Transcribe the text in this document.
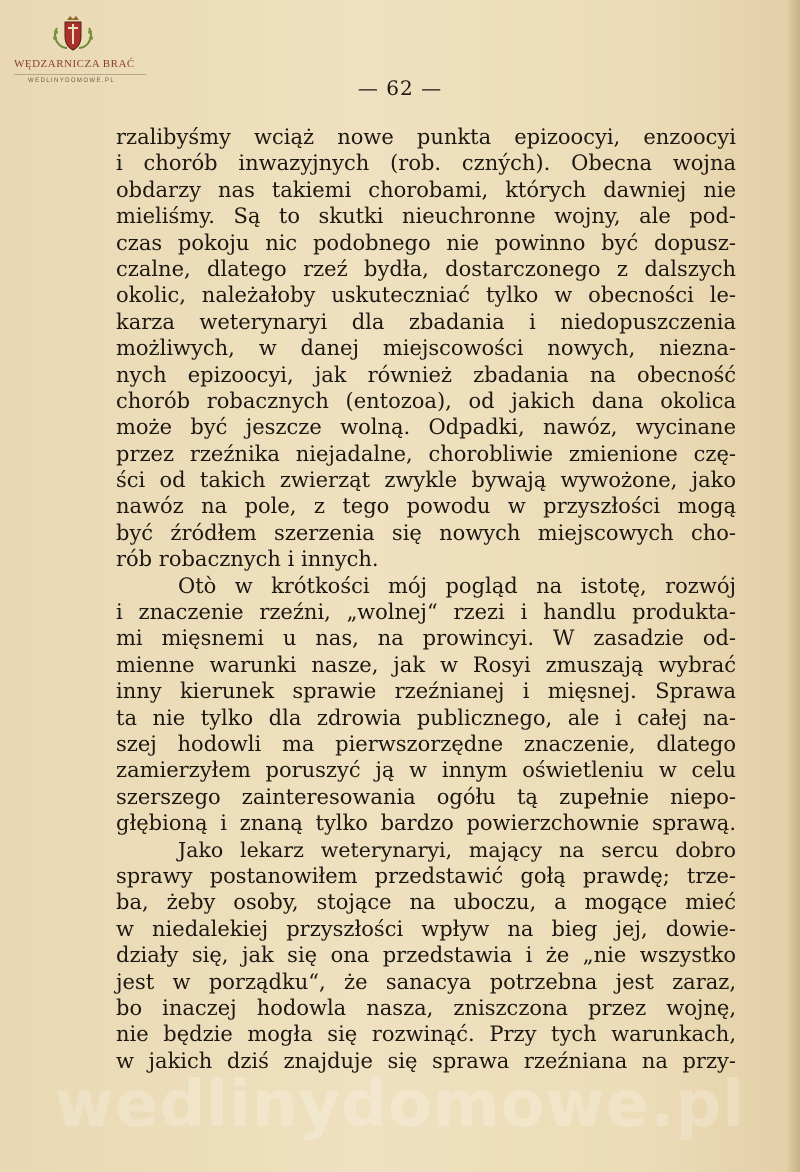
WĘDZARNICZA BRAĆ
WEDLINYDOMOWE.PL	— 62 —
rzalibyśmy wciąż nowe punkta epizoocyi, enzoocyi
i chorób inwazyjnych (rob. czných). Obecna wojna
obdarzy nas takiemi chorobami, których dawniej nie
mieliśmy. Są to skutki nieuchronne wojny, ale pod-
czas pokoju nic podobnego nie powinno być dopusz-
czalne, dlatego rzeź bydła, dostarczonego z dalszych
okolic, należałoby uskuteczniać tylko w obecności le-
karza weterynaryi dla zbadania i niedopuszczenia
możliwych, w danej miejscowości nowych, niezna-
nych epizoocyi, jak również zbadania na obecność
chorób robacznych (entozoa), od jakich dana okolica
może być jeszcze wolną. Odpadki, nawóz, wycinane
przez rzeźnika niejadalne, chorobliwie zmienione czę-
ści od takich zwierząt zwykle bywają wywożone, jako
nawóz na pole, z tego powodu w przyszłości mogą
być źródłem szerzenia się nowych miejscowych cho-
rób robacznych i innych.
Otò w krótkości mój pogląd na istotę, rozwój
i znaczenie rzeźni, „wolnej“ rzezi i handlu produkta-
mi mięsnemi u nas, na prowincyi. W zasadzie od-
mienne warunki nasze, jak w Rosyi zmuszają wybrać
inny kierunek sprawie rzeźnianej i mięsnej. Sprawa
ta nie tylko dla zdrowia publicznego, ale i całej na-
szej hodowli ma pierwszorzędne znaczenie, dlatego
zamierzyłem poruszyć ją w innym oświetleniu w celu
szerszego zainteresowania ogółu tą zupełnie niepo-
głębioną i znaną tylko bardzo powierzchownie sprawą.
Jako lekarz weterynaryi, mający na sercu dobro
sprawy postanowiłem przedstawić gołą prawdę; trze-
ba, żeby osoby, stojące na uboczu, a mogące mieć
w niedalekiej przyszłości wpływ na bieg jej, dowie-
działy się, jak się ona przedstawia i że „nie wszystko
jest w porządku“, że sanacya potrzebna jest zaraz,
bo inaczej hodowla nasza, zniszczona przez wojnę,
nie będzie mogła się rozwinąć. Przy tych warunkach,
w jakich dziś znajduje się sprawa rzeźniana na przy-
wedlinydomowe.pl
